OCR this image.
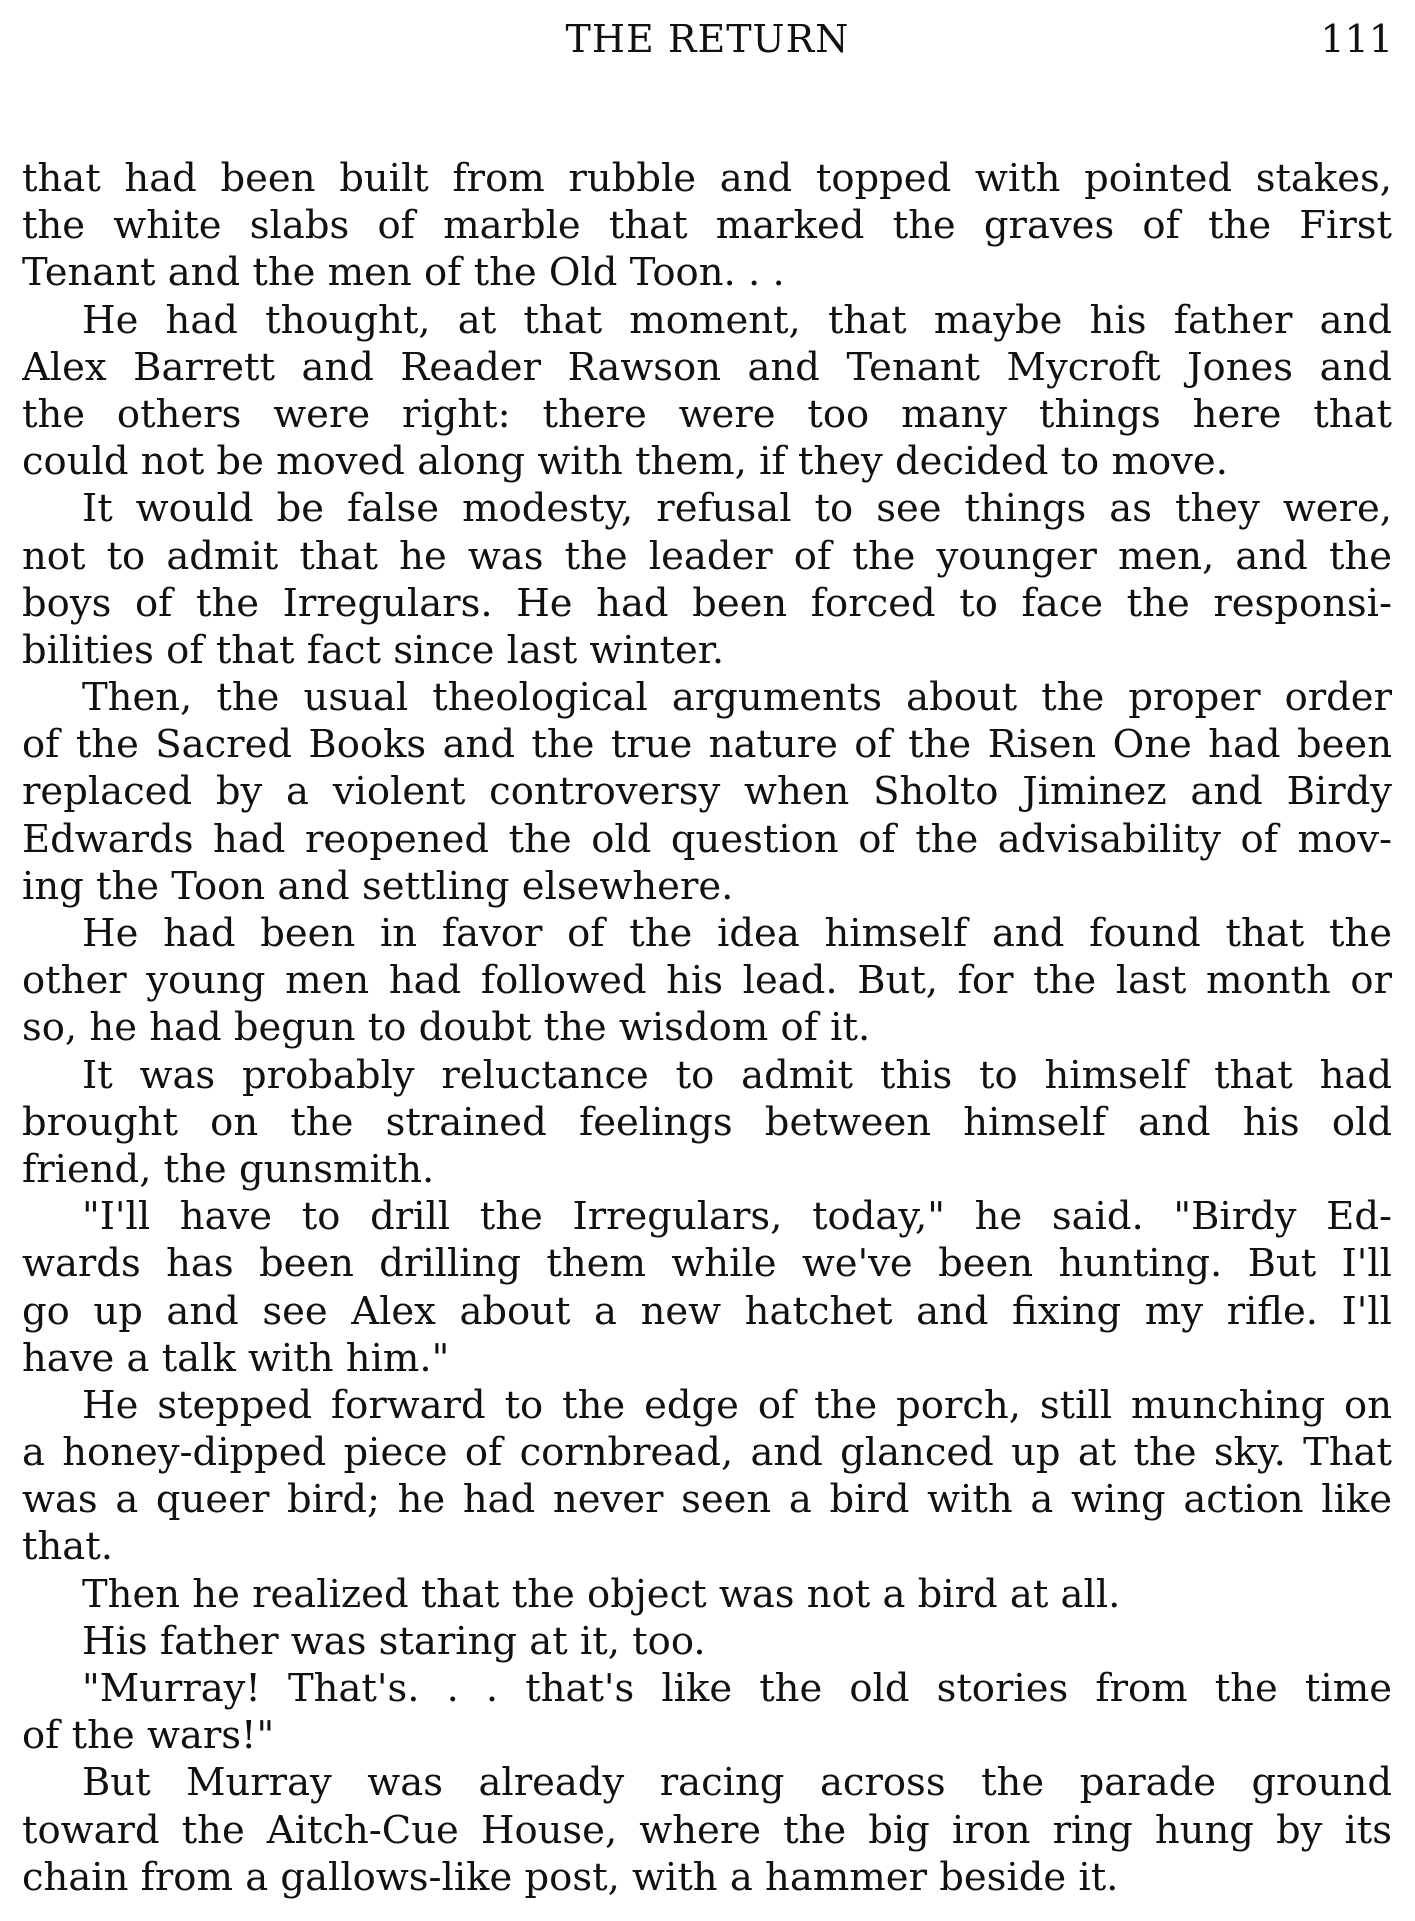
THE RETURN	111
that had been built from rubble and topped with pointed stakes,
the white slabs of marble that marked the graves of the First
Tenant and the men of the Old Toon. . .
He had thought, at that moment, that maybe his father and
Alex Barrett and Reader Rawson and Tenant Mycroft Jones and
the others were right: there were too many things here that
could not be moved along with them, if they decided to move.
It would be false modesty, refusal to see things as they were,
not to admit that he was the leader of the younger men, and the
boys of the Irregulars. He had been forced to face the responsi-
bilities of that fact since last winter.
Then, the usual theological arguments about the proper order
of the Sacred Books and the true nature of the Risen One had been
replaced by a violent controversy when Sholto Jiminez and Birdy
Edwards had reopened the old question of the advisability of mov-
ing the Toon and settling elsewhere.
He had been in favor of the idea himself and found that the
other young men had followed his lead. But, for the last month or
so, he had begun to doubt the wisdom of it.
It was probably reluctance to admit this to himself that had
brought on the strained feelings between himself and his old
friend, the gunsmith.
"I'll have to drill the Irregulars, today," he said. "Birdy Ed-
wards has been drilling them while we've been hunting. But I'll
go up and see Alex about a new hatchet and fixing my rifle. I'll
have a talk with him."
He stepped forward to the edge of the porch, still munching on
a honey-dipped piece of cornbread, and glanced up at the sky. That
was a queer bird; he had never seen a bird with a wing action like
that.
Then he realized that the object was not a bird at all.
His father was staring at it, too.
"Murray! That's. . . that's like the old stories from the time
of the wars!"
But Murray was already racing across the parade ground
toward the Aitch-Cue House, where the big iron ring hung by its
chain from a gallows-like post, with a hammer beside it.
